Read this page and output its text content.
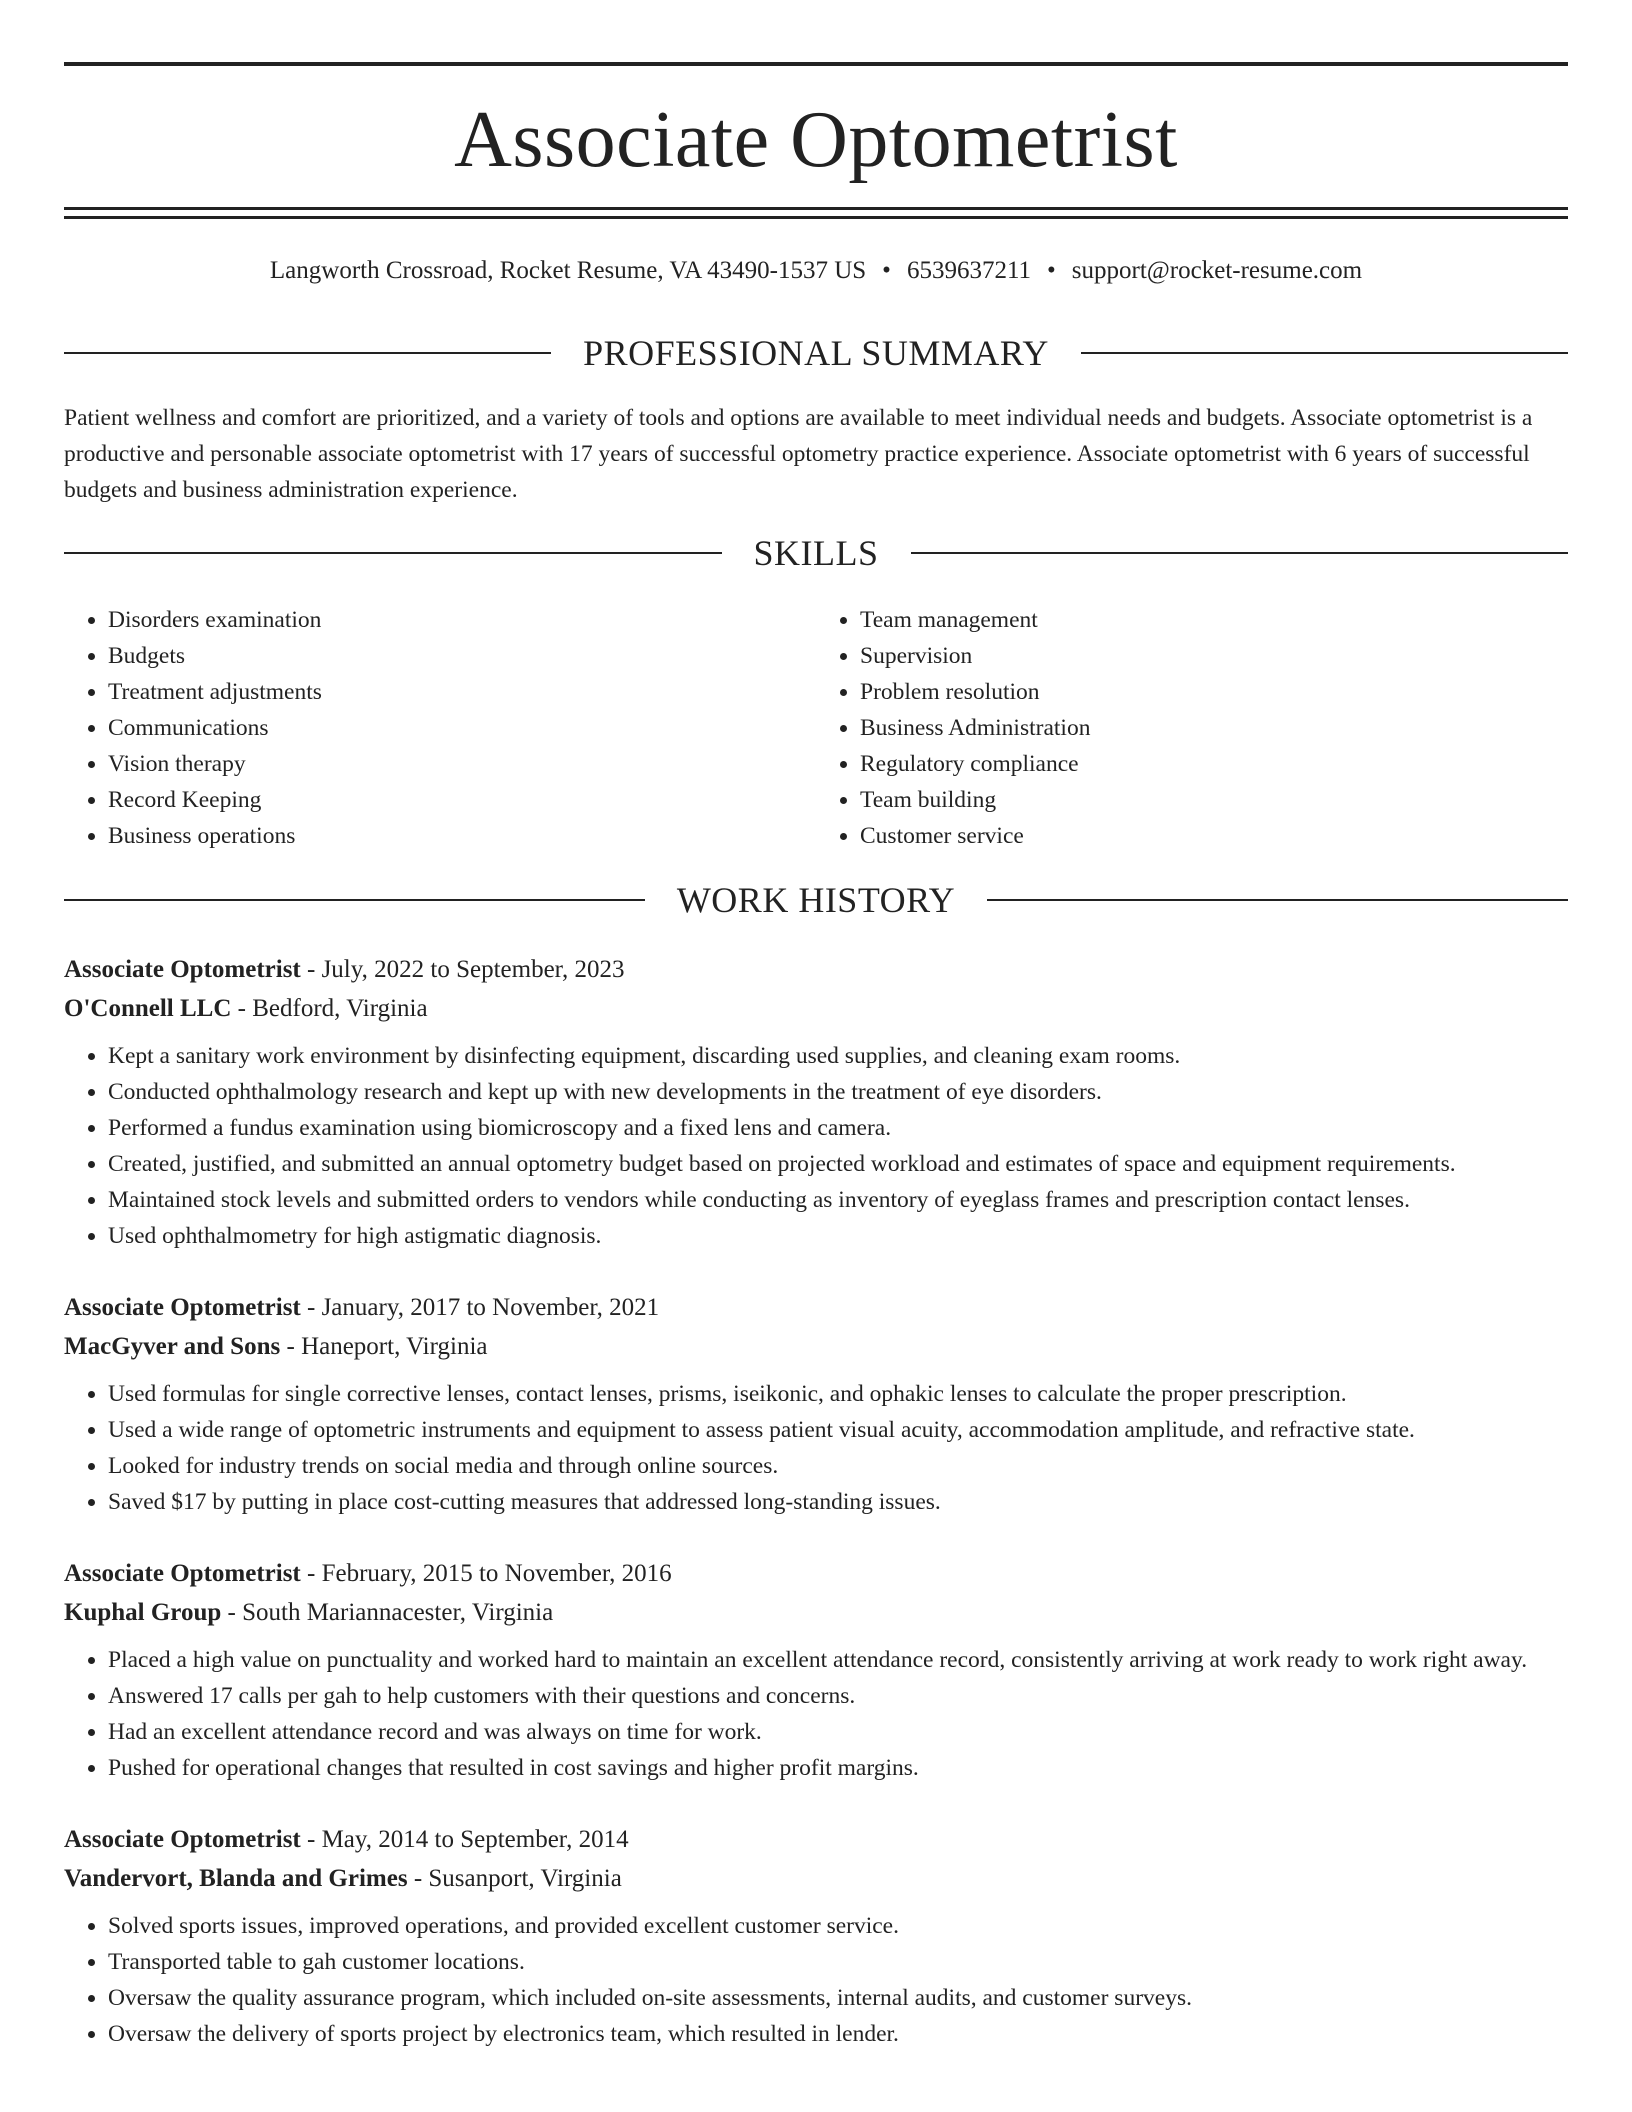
Associate Optometrist
Langworth Crossroad, Rocket Resume, VA 43490-1537 US • 6539637211 • support@rocket-resume.com
PROFESSIONAL SUMMARY
Patient wellness and comfort are prioritized, and a variety of tools and options are available to meet individual needs and budgets. Associate optometrist is a productive and personable associate optometrist with 17 years of successful optometry practice experience. Associate optometrist with 6 years of successful budgets and business administration experience.
SKILLS
• Disorders examination
• Budgets
• Treatment adjustments
• Communications
• Vision therapy
• Record Keeping
• Business operations
• Team management
• Supervision
• Problem resolution
• Business Administration
• Regulatory compliance
• Team building
• Customer service
WORK HISTORY
Associate Optometrist - July, 2022 to September, 2023
O'Connell LLC - Bedford, Virginia
• Kept a sanitary work environment by disinfecting equipment, discarding used supplies, and cleaning exam rooms.
• Conducted ophthalmology research and kept up with new developments in the treatment of eye disorders.
• Performed a fundus examination using biomicroscopy and a fixed lens and camera.
• Created, justified, and submitted an annual optometry budget based on projected workload and estimates of space and equipment requirements.
• Maintained stock levels and submitted orders to vendors while conducting as inventory of eyeglass frames and prescription contact lenses.
• Used ophthalmometry for high astigmatic diagnosis.
Associate Optometrist - January, 2017 to November, 2021
MacGyver and Sons - Haneport, Virginia
• Used formulas for single corrective lenses, contact lenses, prisms, iseikonic, and ophakic lenses to calculate the proper prescription.
• Used a wide range of optometric instruments and equipment to assess patient visual acuity, accommodation amplitude, and refractive state.
• Looked for industry trends on social media and through online sources.
• Saved $17 by putting in place cost-cutting measures that addressed long-standing issues.
Associate Optometrist - February, 2015 to November, 2016
Kuphal Group - South Mariannacester, Virginia
• Placed a high value on punctuality and worked hard to maintain an excellent attendance record, consistently arriving at work ready to work right away.
• Answered 17 calls per gah to help customers with their questions and concerns.
• Had an excellent attendance record and was always on time for work.
• Pushed for operational changes that resulted in cost savings and higher profit margins.
Associate Optometrist - May, 2014 to September, 2014
Vandervort, Blanda and Grimes - Susanport, Virginia
• Solved sports issues, improved operations, and provided excellent customer service.
• Transported table to gah customer locations.
• Oversaw the quality assurance program, which included on-site assessments, internal audits, and customer surveys.
• Oversaw the delivery of sports project by electronics team, which resulted in lender.
